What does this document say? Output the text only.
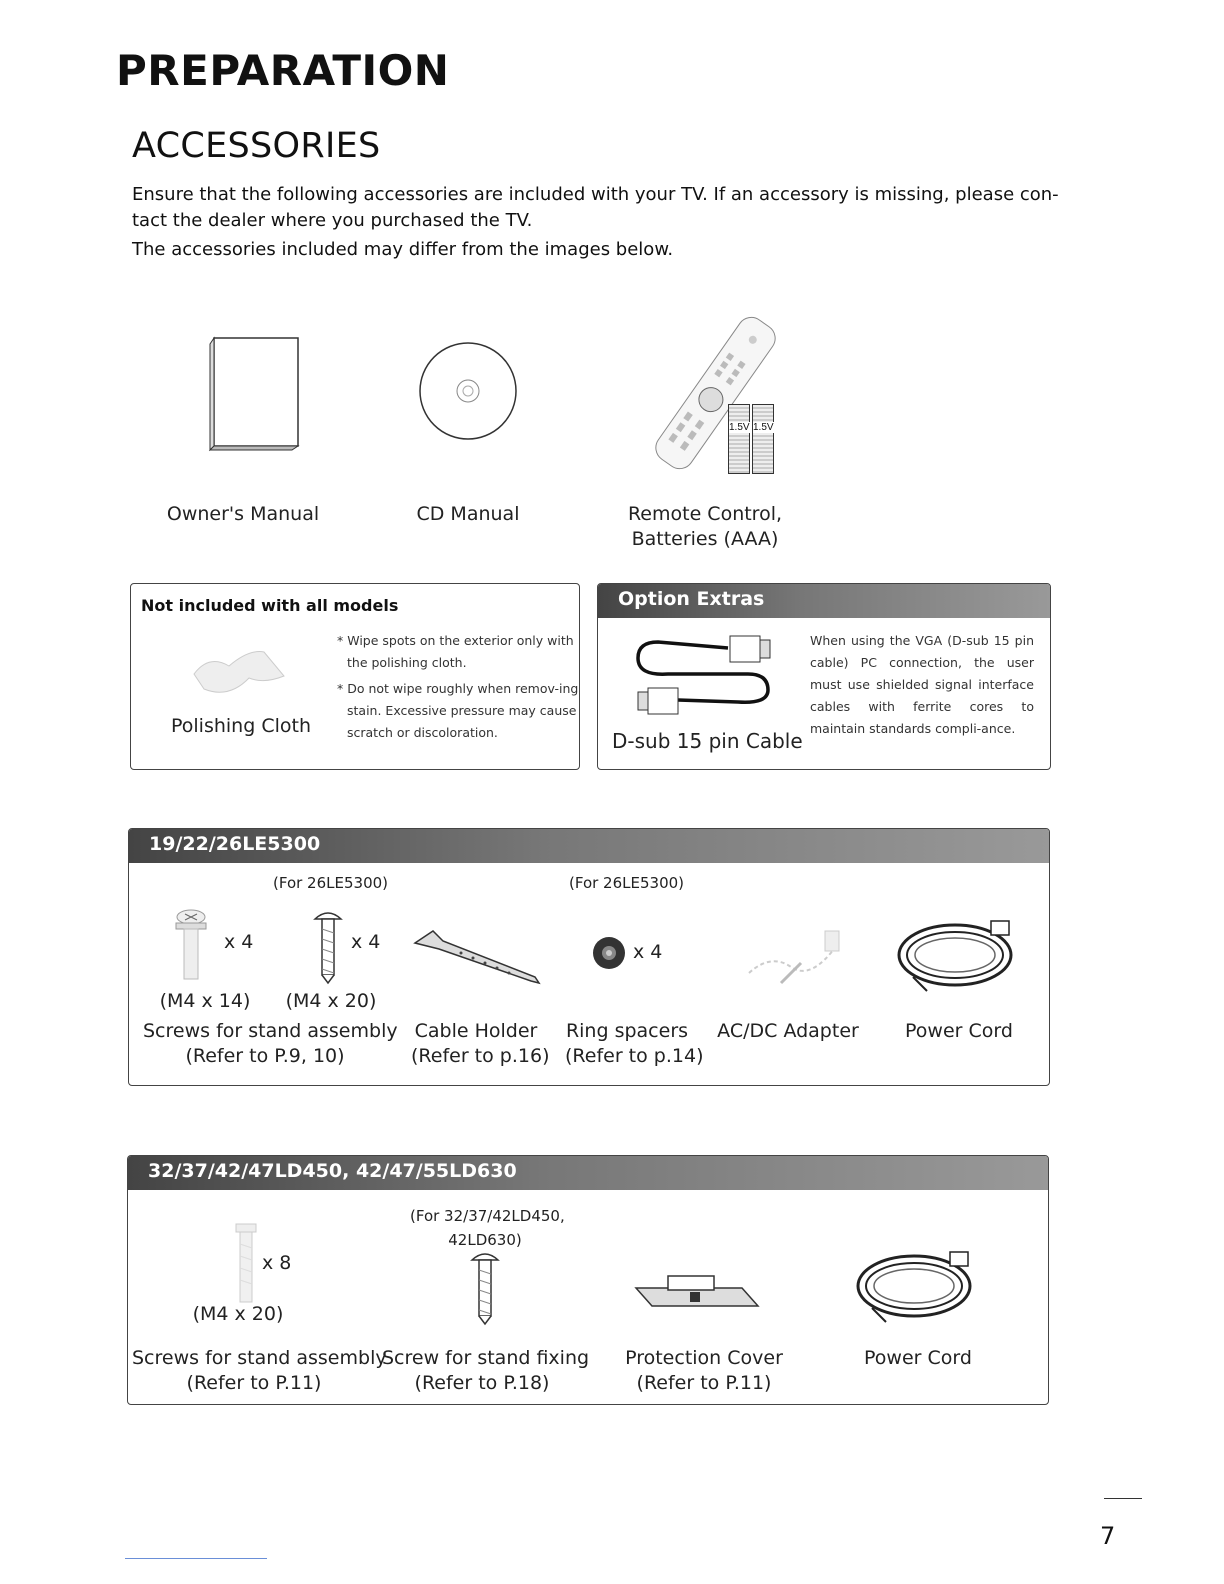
PREPARATION
ACCESSORIES

Ensure that the following accessories are included with your TV. If an accessory is missing, please con-tact the dealer where you purchased the TV.

The accessories included may differ from the images below.

1.5V 1.5V
Owner's Manual	CD Manual	Remote Control,
Batteries (AAA)
Not included with all models
Polishing Cloth
* Wipe spots on the exterior only with the polishing cloth.
* Do not wipe roughly when remov-ing stain. Excessive pressure may cause scratch or discoloration.
Option Extras
D-sub 15 pin Cable
When using the VGA (D-sub 15 pin cable) PC connection, the user must use shielded signal interface cables with ferrite cores to maintain standards compli-ance.
19/22/26LE5300
(For 26LE5300)	(For 26LE5300)
x 4	x 4
(M4 x 14) (M4 x 20)
Screws for stand assembly
(Refer to P.9, 10)
Cable Holder
(Refer to p.16)
x 4
Ring spacers
(Refer to p.14)
AC/DC Adapter	Power Cord
32/37/42/47LD450, 42/47/55LD630
(For 32/37/42LD450,
42LD630)
x 8
(M4 x 20)
Screws for stand assembly
(Refer to P.11)
Screw for stand fixing
(Refer to P.18)
Protection Cover
(Refer to P.11)
Power Cord
7
